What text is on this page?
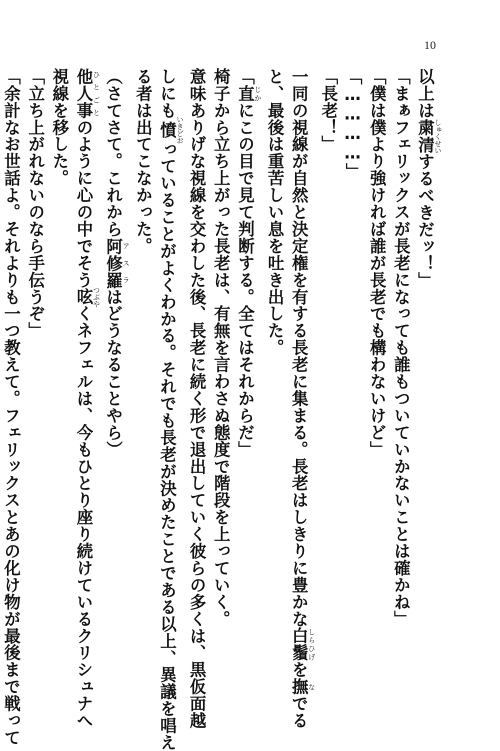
10
以上は粛清 しゅくせいするべきだッ！」
「まぁフェリックスが長老になっても誰もついていかないことは確かね」
「僕は僕より強ければ誰が長老でも構わないけど」
「…………」
「長老！」
一同の視線が自然と決定権を有する長老に集まる。長老はしきりに豊かな白鬚 しらひげを撫 なでる
と、最後は重苦しい息を吐き出した。
「直 じかにこの目で見て判断する。全てはそれからだ」
椅子から立ち上がった長老は、有無を言わさぬ態度で階段を上っていく。
意味ありげな視線を交わした後、長老に続く形で退出していく彼らの多くは、黒仮面越
しにも憤 いきどおっていることがよくわかる。それでも長老が決めたことである以上、異議を唱え
る者は出てこなかった。
（さてさて。これから阿修羅 アスラはどうなることやら）
他人事 ひとごとのように心の中でそう呟 つぶやくネフェルは、今もひとり座り続けているクリシュナへ
視線を移した。
「立ち上がれないのなら手伝うぞ」
「余計なお世話よ。それよりも一つ教えて。フェリックスとあの化け物が最後まで戦って
